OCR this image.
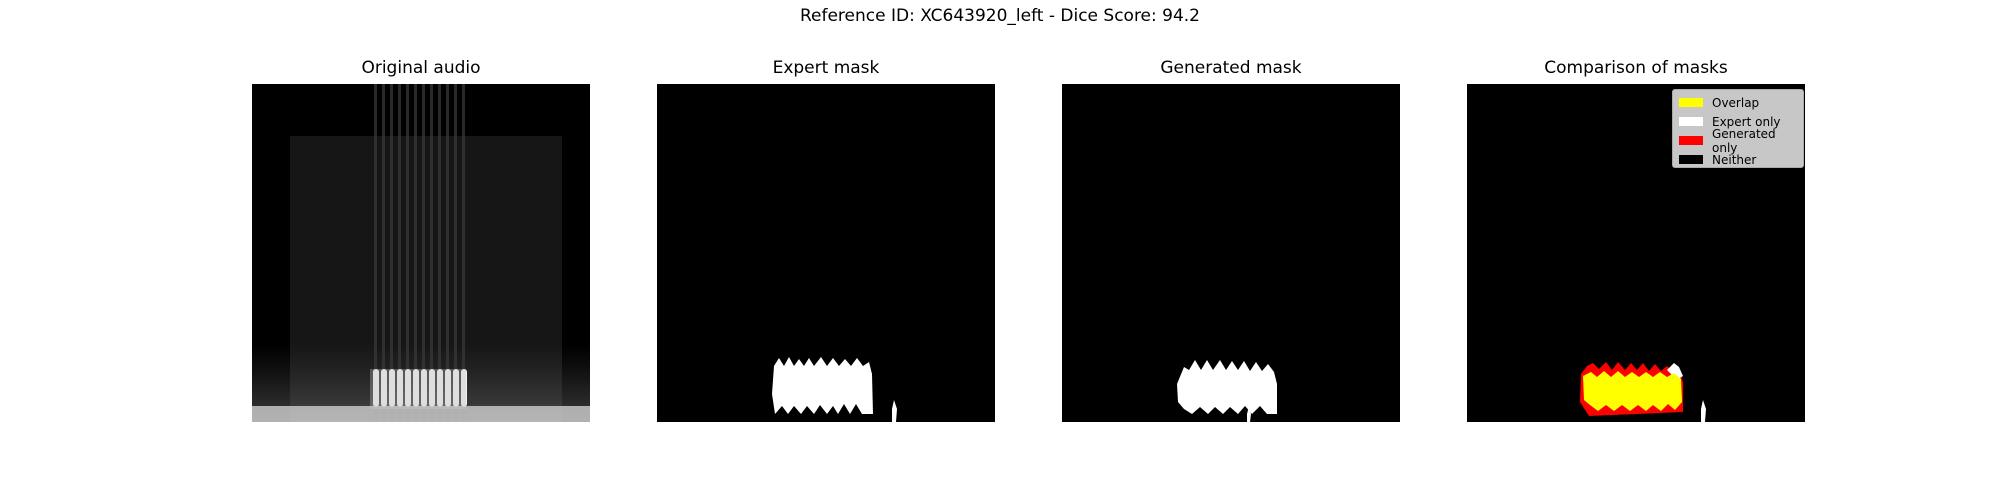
Reference ID: XC643920_left - Dice Score: 94.2
Original audio	Expert mask	Generated mask	Comparison of masks
Overlap
Expert only
Generated only
Neither
